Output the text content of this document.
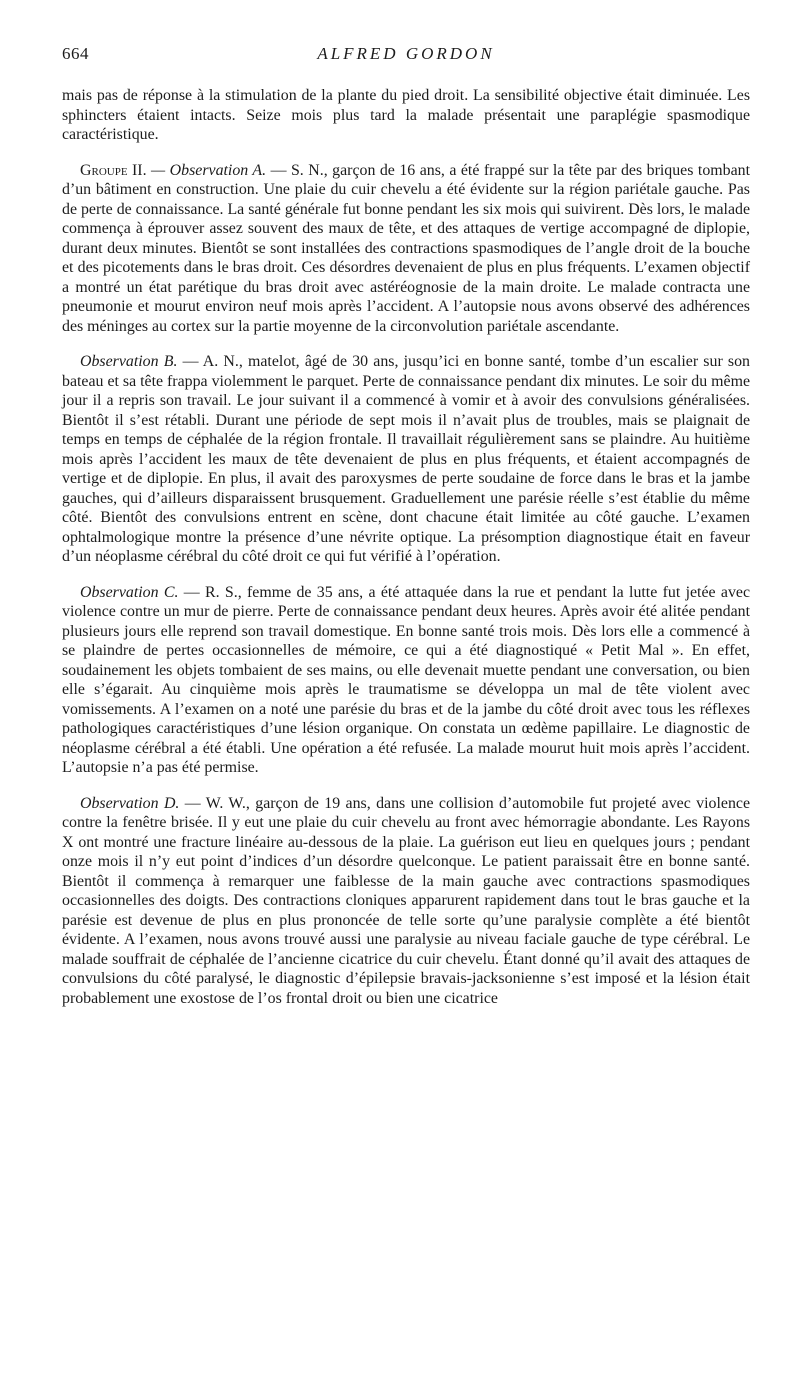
664	ALFRED GORDON

mais pas de réponse à la stimulation de la plante du pied droit. La sensibilité objective était diminuée. Les sphincters étaient intacts. Seize mois plus tard la malade présentait une paraplégie spasmodique caractéristique.

Groupe II. — Observation A. — S. N., garçon de 16 ans, a été frappé sur la tête par des briques tombant d’un bâtiment en construction. Une plaie du cuir chevelu a été évidente sur la région pariétale gauche. Pas de perte de connaissance. La santé générale fut bonne pendant les six mois qui suivirent. Dès lors, le malade commença à éprouver assez souvent des maux de tête, et des attaques de vertige accompagné de diplopie, durant deux minutes. Bientôt se sont installées des contractions spasmodiques de l’angle droit de la bouche et des picotements dans le bras droit. Ces désordres devenaient de plus en plus fréquents. L’examen objectif a montré un état parétique du bras droit avec astéréognosie de la main droite. Le malade contracta une pneumonie et mourut environ neuf mois après l’accident. A l’autopsie nous avons observé des adhérences des méninges au cortex sur la partie moyenne de la circonvolution pariétale ascendante.

Observation B. — A. N., matelot, âgé de 30 ans, jusqu’ici en bonne santé, tombe d’un escalier sur son bateau et sa tête frappa violemment le parquet. Perte de connaissance pendant dix minutes. Le soir du même jour il a repris son travail. Le jour suivant il a commencé à vomir et à avoir des convulsions généralisées. Bientôt il s’est rétabli. Durant une période de sept mois il n’avait plus de troubles, mais se plaignait de temps en temps de céphalée de la région frontale. Il travaillait régulièrement sans se plaindre. Au huitième mois après l’accident les maux de tête devenaient de plus en plus fréquents, et étaient accompagnés de vertige et de diplopie. En plus, il avait des paroxysmes de perte soudaine de force dans le bras et la jambe gauches, qui d’ailleurs disparaissent brusquement. Graduellement une parésie réelle s’est établie du même côté. Bientôt des convulsions entrent en scène, dont chacune était limitée au côté gauche. L’examen ophtalmologique montre la présence d’une névrite optique. La présomption diagnostique était en faveur d’un néoplasme cérébral du côté droit ce qui fut vérifié à l’opération.

Observation C. — R. S., femme de 35 ans, a été attaquée dans la rue et pendant la lutte fut jetée avec violence contre un mur de pierre. Perte de connaissance pendant deux heures. Après avoir été alitée pendant plusieurs jours elle reprend son travail domestique. En bonne santé trois mois. Dès lors elle a commencé à se plaindre de pertes occasionnelles de mémoire, ce qui a été diagnostiqué « Petit Mal ». En effet, soudainement les objets tombaient de ses mains, ou elle devenait muette pendant une conversation, ou bien elle s’égarait. Au cinquième mois après le traumatisme se développa un mal de tête violent avec vomissements. A l’examen on a noté une parésie du bras et de la jambe du côté droit avec tous les réflexes pathologiques caractéristiques d’une lésion organique. On constata un œdème papillaire. Le diagnostic de néoplasme cérébral a été établi. Une opération a été refusée. La malade mourut huit mois après l’accident. L’autopsie n’a pas été permise.

Observation D. — W. W., garçon de 19 ans, dans une collision d’automobile fut projeté avec violence contre la fenêtre brisée. Il y eut une plaie du cuir chevelu au front avec hémorragie abondante. Les Rayons X ont montré une fracture linéaire au-dessous de la plaie. La guérison eut lieu en quelques jours ; pendant onze mois il n’y eut point d’indices d’un désordre quelconque. Le patient paraissait être en bonne santé. Bientôt il commença à remarquer une faiblesse de la main gauche avec contractions spasmodiques occasionnelles des doigts. Des contractions cloniques apparurent rapidement dans tout le bras gauche et la parésie est devenue de plus en plus prononcée de telle sorte qu’une paralysie complète a été bientôt évidente. A l’examen, nous avons trouvé aussi une paralysie au niveau faciale gauche de type cérébral. Le malade souffrait de céphalée de l’ancienne cicatrice du cuir chevelu. Étant donné qu’il avait des attaques de convulsions du côté paralysé, le diagnostic d’épilepsie bravais-jacksonienne s’est imposé et la lésion était probablement une exostose de l’os frontal droit ou bien une cicatrice
